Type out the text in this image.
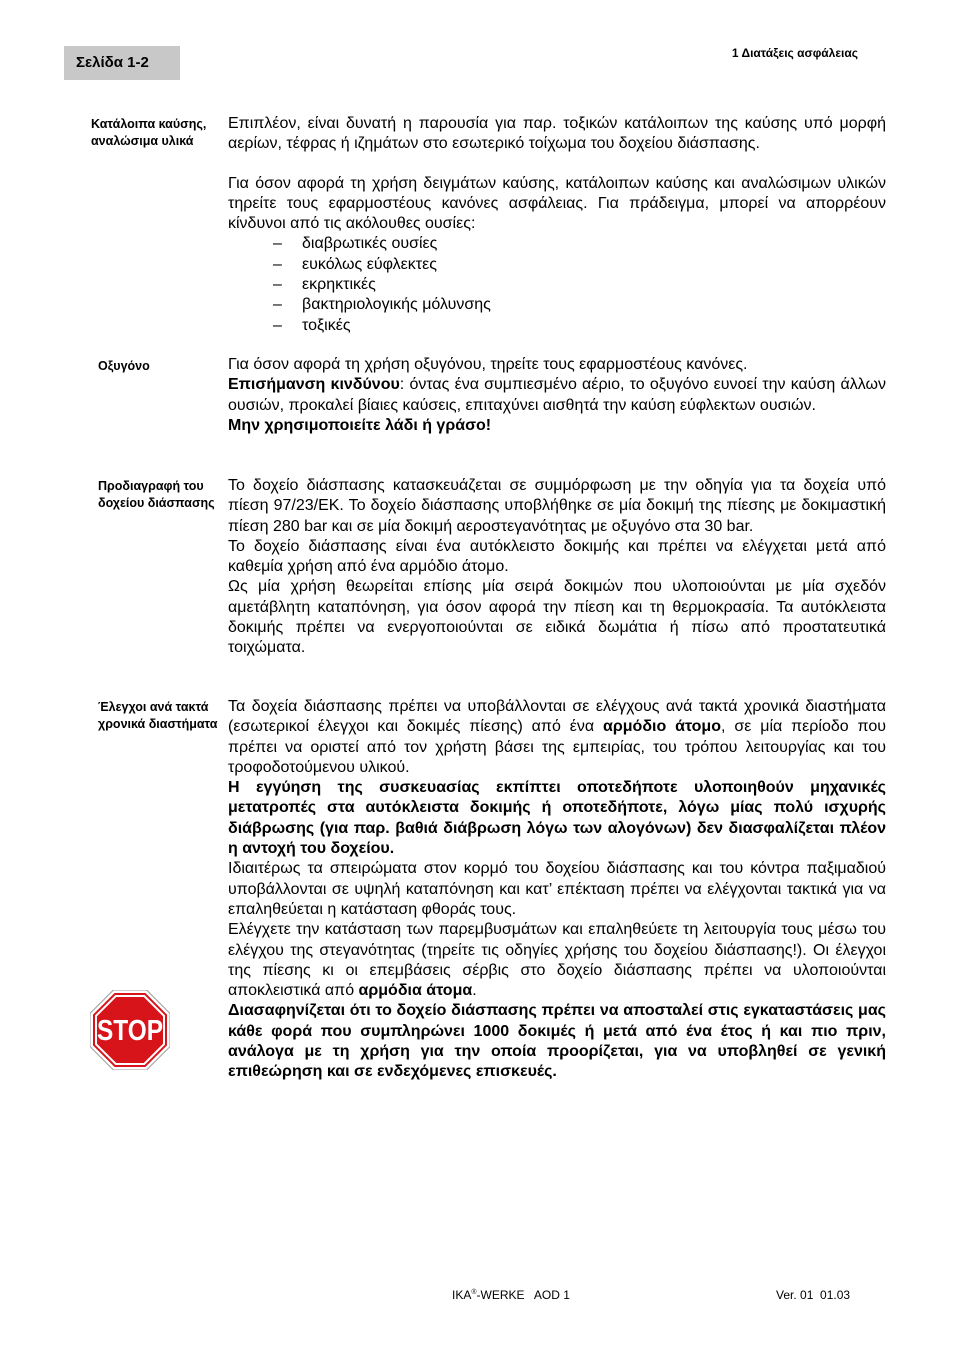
Σελίδα 1-2
1 Διατάξεις ασφάλειας
Κατάλοιπα καύσης, αναλώσιμα υλικά

Επιπλέον, είναι δυνατή η παρουσία για παρ. τοξικών κατάλοιπων της καύσης υπό μορφή αερίων, τέφρας ή ιζημάτων στο εσωτερικό τοίχωμα του δοχείου διάσπασης.

Για όσον αφορά τη χρήση δειγμάτων καύσης, κατάλοιπων καύσης και αναλώσιμων υλικών τηρείτε τους εφαρμοστέους κανόνες ασφάλειας. Για πράδειγμα, μπορεί να απορρέουν κίνδυνοι από τις ακόλουθες ουσίες:

– διαβρωτικές ουσίες
– ευκόλως εύφλεκτες
– εκρηκτικές
– βακτηριολογικής μόλυνσης
– τοξικές
Οξυγόνο	Για όσον αφορά τη χρήση οξυγόνου, τηρείτε τους εφαρμοστέους κανόνες.

Επισήμανση κινδύνου: όντας ένα συμπιεσμένο αέριο, το οξυγόνο ευνοεί την καύση άλλων ουσιών, προκαλεί βίαιες καύσεις, επιταχύνει αισθητά την καύση εύφλεκτων ουσιών.

Μην χρησιμοποιείτε λάδι ή γράσο!

Προδιαγραφή του δοχείου διάσπασης

Το δοχείο διάσπασης κατασκευάζεται σε συμμόρφωση με την οδηγία για τα δοχεία υπό πίεση 97/23/ΕΚ. Το δοχείο διάσπασης υποβλήθηκε σε μία δοκιμή της πίεσης με δοκιμαστική πίεση 280 bar και σε μία δοκιμή αεροστεγανότητας με οξυγόνο στα 30 bar.

Το δοχείο διάσπασης είναι ένα αυτόκλειστο δοκιμής και πρέπει να ελέγχεται μετά από καθεμία χρήση από ένα αρμόδιο άτομο.

Ως μία χρήση θεωρείται επίσης μία σειρά δοκιμών που υλοποιούνται με μία σχεδόν αμετάβλητη καταπόνηση, για όσον αφορά την πίεση και τη θερμοκρασία. Τα αυτόκλειστα δοκιμής πρέπει να ενεργοποιούνται σε ειδικά δωμάτια ή πίσω από προστατευτικά τοιχώματα.

Έλεγχοι ανά τακτά χρονικά διαστήματα

Τα δοχεία διάσπασης πρέπει να υποβάλλονται σε ελέγχους ανά τακτά χρονικά διαστήματα (εσωτερικοί έλεγχοι και δοκιμές πίεσης) από ένα αρμόδιο άτομο, σε μία περίοδο που πρέπει να οριστεί από τον χρήστη βάσει της εμπειρίας, του τρόπου λειτουργίας και του τροφοδοτούμενου υλικού.

Η εγγύηση της συσκευασίας εκπίπτει οποτεδήποτε υλοποιηθούν μηχανικές μετατροπές στα αυτόκλειστα δοκιμής ή οποτεδήποτε, λόγω μίας πολύ ισχυρής διάβρωσης (για παρ. βαθιά διάβρωση λόγω των αλογόνων) δεν διασφαλίζεται πλέον η αντοχή του δοχείου.

Ιδιαιτέρως τα σπειρώματα στον κορμό του δοχείου διάσπασης και του κόντρα παξιμαδιού υποβάλλονται σε υψηλή καταπόνηση και κατ’ επέκταση πρέπει να ελέγχονται τακτικά για να επαληθεύεται η κατάσταση φθοράς τους.

Ελέγχετε την κατάσταση των παρεμβυσμάτων και επαληθεύετε τη λειτουργία τους μέσω του ελέγχου της στεγανότητας (τηρείτε τις οδηγίες χρήσης του δοχείου διάσπασης!). Οι έλεγχοι της πίεσης κι οι επεμβάσεις σέρβις στο δοχείο διάσπασης πρέπει να υλοποιούνται αποκλειστικά από αρμόδια άτομα.

Διασαφηνίζεται ότι το δοχείο διάσπασης πρέπει να αποσταλεί στις εγκαταστάσεις μας κάθε φορά που συμπληρώνει 1000 δοκιμές ή μετά από ένα έτος ή και πιο πριν, ανάλογα με τη χρήση για την οποία προορίζεται, για να υποβληθεί σε γενική επιθεώρηση και σε ενδεχόμενες επισκευές.

STOP
IKA®-WERKE   AOD 1	Ver. 01  01.03
